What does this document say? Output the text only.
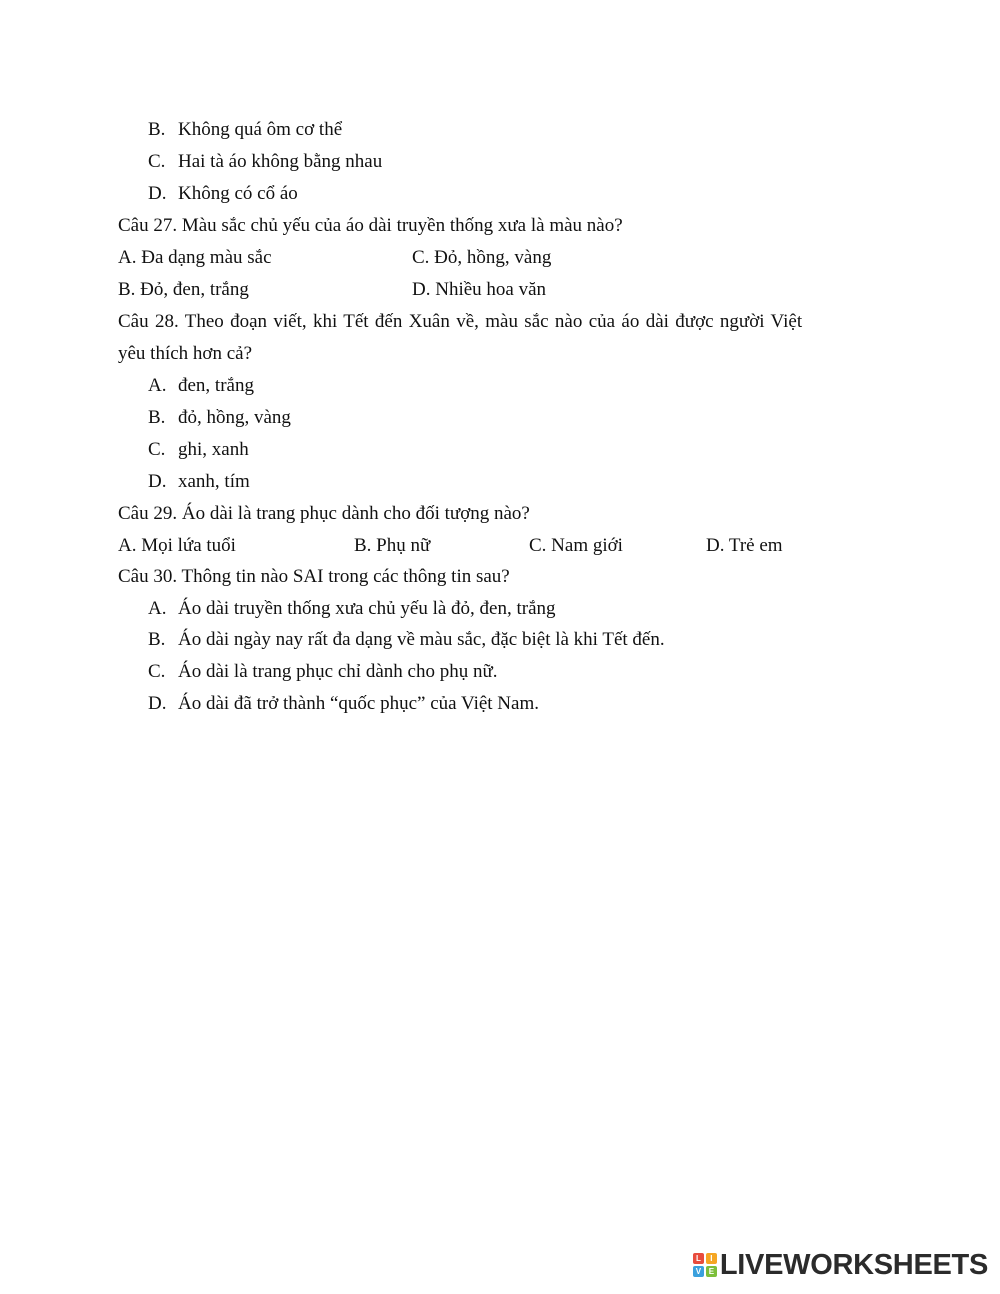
B. Không quá ôm cơ thể
C. Hai tà áo không bằng nhau
D. Không có cổ áo
Câu 27. Màu sắc chủ yếu của áo dài truyền thống xưa là màu nào?
A. Đa dạng màu sắc	C. Đỏ, hồng, vàng
B. Đỏ, đen, trắng	D. Nhiều hoa văn
Câu 28. Theo đoạn viết, khi Tết đến Xuân về, màu sắc nào của áo dài được người Việt
yêu thích hơn cả?
A. đen, trắng
B. đỏ, hồng, vàng
C. ghi, xanh
D. xanh, tím
Câu 29. Áo dài là trang phục dành cho đối tượng nào?
A. Mọi lứa tuổi	B. Phụ nữ	C. Nam giới	D. Trẻ em
Câu 30. Thông tin nào SAI trong các thông tin sau?
A. Áo dài truyền thống xưa chủ yếu là đỏ, đen, trắng
B. Áo dài ngày nay rất đa dạng về màu sắc, đặc biệt là khi Tết đến.
C. Áo dài là trang phục chỉ dành cho phụ nữ.
D. Áo dài đã trở thành “quốc phục” của Việt Nam.
L	I
V E LIVEWORKSHEETS
